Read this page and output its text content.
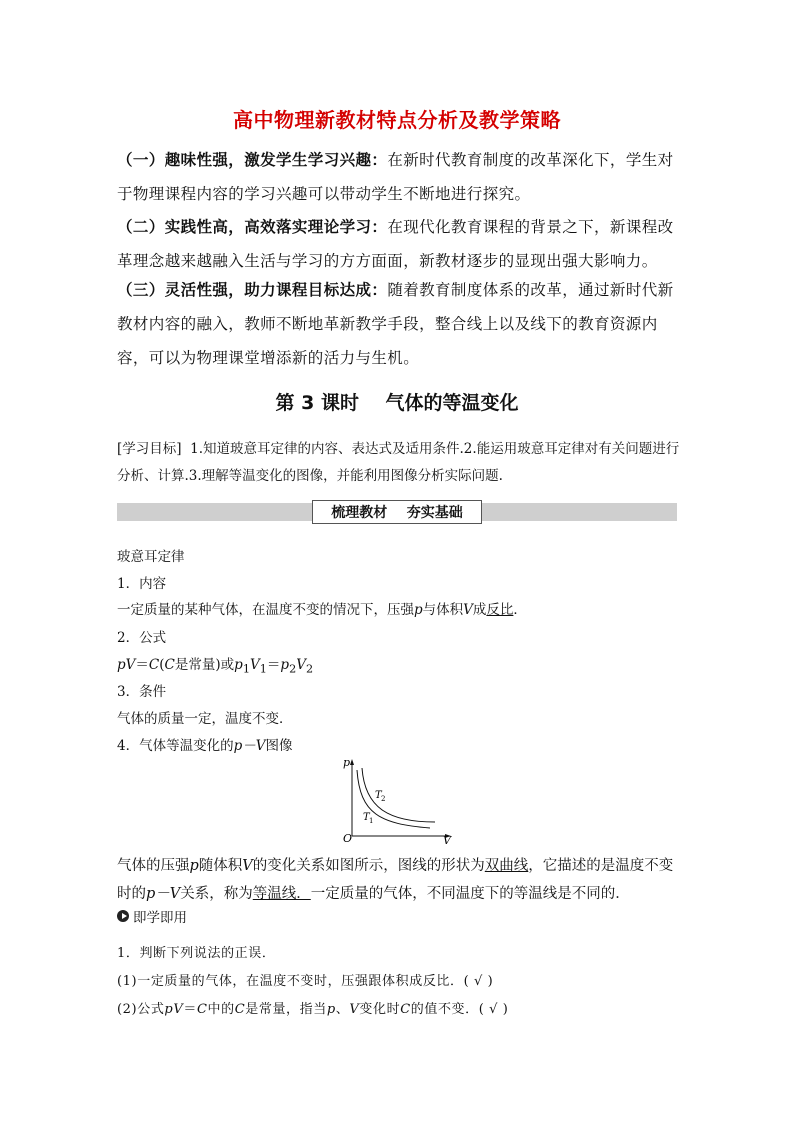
高中物理新教材特点分析及教学策略
（一）趣味性强，激发学生学习兴趣：在新时代教育制度的改革深化下，学生对于物理课程内容的学习兴趣可以带动学生不断地进行探究。
（二）实践性高，高效落实理论学习：在现代化教育课程的背景之下，新课程改革理念越来越融入生活与学习的方方面面，新教材逐步的显现出强大影响力。
（三）灵活性强，助力课程目标达成：随着教育制度体系的改革，通过新时代新教材内容的融入，教师不断地革新教学手段，整合线上以及线下的教育资源内容，可以为物理课堂增添新的活力与生机。
第 3 课时    气体的等温变化
[学习目标] 1.知道玻意耳定律的内容、表达式及适用条件.2.能运用玻意耳定律对有关问题进行分析、计算.3.理解等温变化的图像，并能利用图像分析实际问题.
梳理教材    夯实基础
玻意耳定律
1．内容
一定质量的某种气体，在温度不变的情况下，压强p与体积V成反比．
2．公式
pV＝C(C是常量)或$p_1V_1=p_2V_2$
3．条件
气体的质量一定，温度不变．
4．气体等温变化的p－V图像
p
V
O
T 2
T 1
气体的压强p随体积V的变化关系如图所示，图线的形状为双曲线，它描述的是温度不变时的p－V关系，称为等温线．一定质量的气体，不同温度下的等温线是不同的．
即学即用
1．判断下列说法的正误．
(1)一定质量的气体，在温度不变时，压强跟体积成反比．( √ )
(2)公式pV＝C中的C是常量，指当p、V变化时C的值不变．( √ )
